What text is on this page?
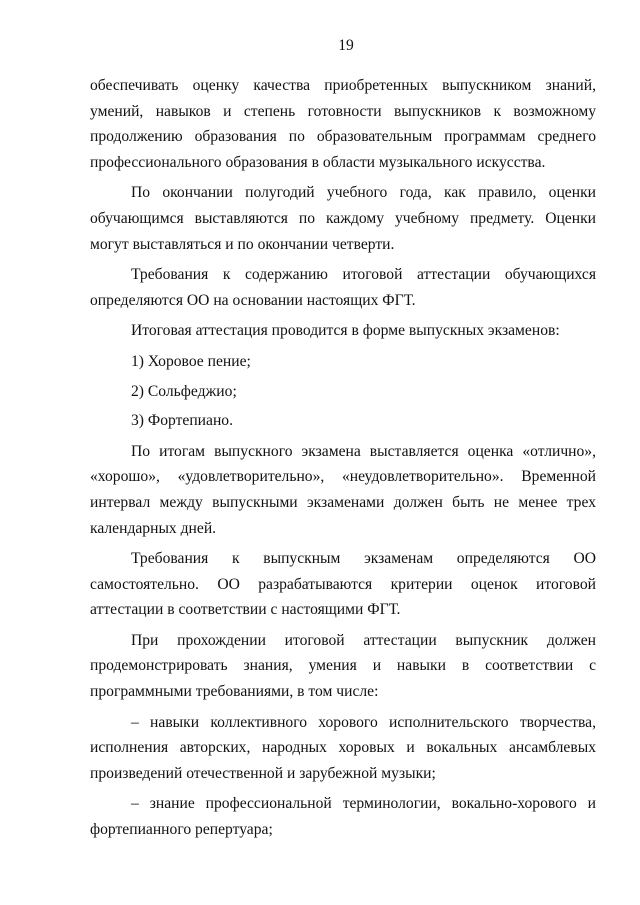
19

обеспечивать оценку качества приобретенных выпускником знаний, умений, навыков и степень готовности выпускников к возможному продолжению образования по образовательным программам среднего профессионального образования в области музыкального искусства.

По окончании полугодий учебного года, как правило, оценки обучающимся выставляются по каждому учебному предмету. Оценки могут выставляться и по окончании четверти.

Требования к содержанию итоговой аттестации обучающихся определяются ОО на основании настоящих ФГТ.

Итоговая аттестация проводится в форме выпускных экзаменов:

1) Хоровое пение;

2) Сольфеджио;

3) Фортепиано.

По итогам выпускного экзамена выставляется оценка «отлично», «хорошо», «удовлетворительно», «неудовлетворительно». Временной интервал между выпускными экзаменами должен быть не менее трех календарных дней.

Требования к выпускным экзаменам определяются ОО самостоятельно. ОО разрабатываются критерии оценок итоговой аттестации в соответствии с настоящими ФГТ.

При прохождении итоговой аттестации выпускник должен продемонстрировать знания, умения и навыки в соответствии с программными требованиями, в том числе:

– навыки коллективного хорового исполнительского творчества, исполнения авторских, народных хоровых и вокальных ансамблевых произведений отечественной и зарубежной музыки;

– знание профессиональной терминологии, вокально-хорового и фортепианного репертуара;
